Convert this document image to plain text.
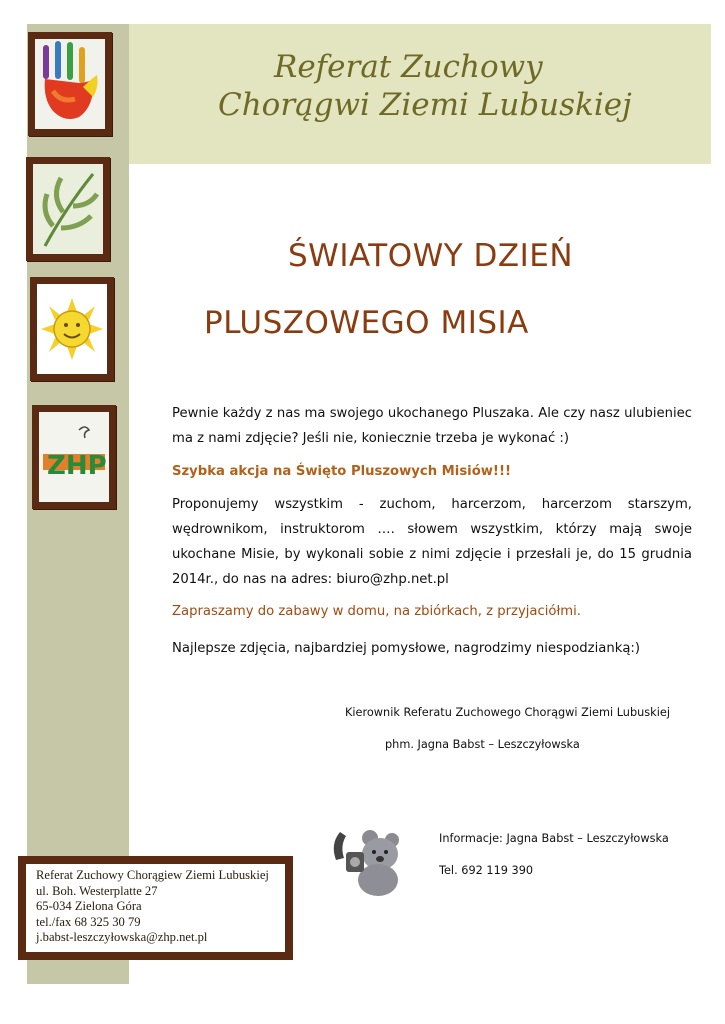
Referat Zuchowy
Chorągwi Ziemi Lubuskiej
ZHP
ŚWIATOWY DZIEŃ
PLUSZOWEGO MISIA

Pewnie każdy z nas ma swojego ukochanego Pluszaka. Ale czy nasz ulubieniec ma z nami zdjęcie? Jeśli nie, koniecznie trzeba je wykonać :)

Szybka akcja na Święto Pluszowych Misiów!!!

Proponujemy wszystkim - zuchom, harcerzom, harcerzom starszym, wędrownikom, instruktorom …. słowem wszystkim, którzy mają swoje ukochane Misie, by wykonali sobie z nimi zdjęcie i przesłali je, do 15 grudnia 2014r., do nas na adres: biuro@zhp.net.pl

Zapraszamy do zabawy w domu, na zbiórkach, z przyjaciółmi.

Najlepsze zdjęcia, najbardziej pomysłowe, nagrodzimy niespodzianką:)

Kierownik Referatu Zuchowego Chorągwi Ziemi Lubuskiej
phm. Jagna Babst – Leszczyłowska
Informacje: Jagna Babst – Leszczyłowska
Tel. 692 119 390
Referat Zuchowy Chorągiew Ziemi Lubuskiej
ul. Boh. Westerplatte 27
65-034 Zielona Góra
tel./fax 68 325 30 79
j.babst-leszczyłowska@zhp.net.pl
